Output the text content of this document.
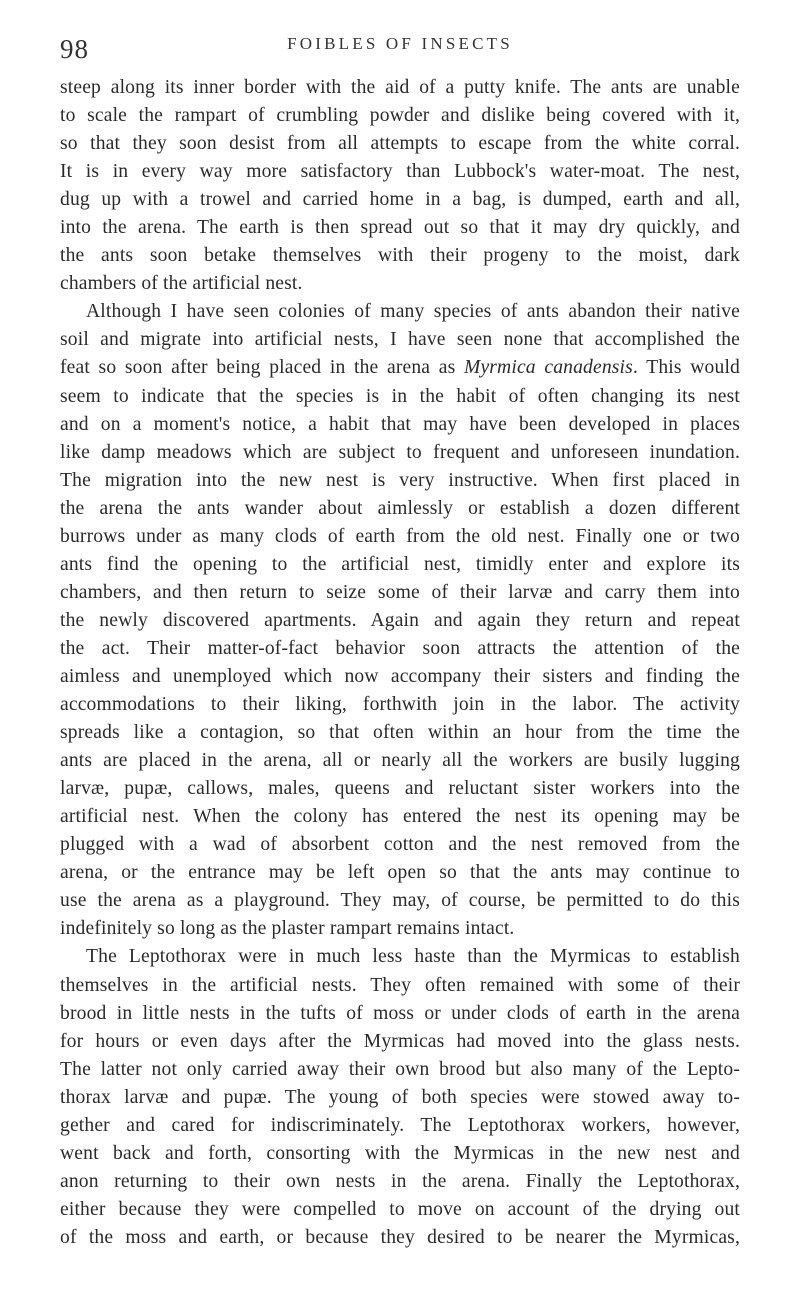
98	FOIBLES OF INSECTS
steep along its inner border with the aid of a putty knife. The ants are unable
to scale the rampart of crumbling powder and dislike being covered with it,
so that they soon desist from all attempts to escape from the white corral.
It is in every way more satisfactory than Lubbock's water-moat. The nest,
dug up with a trowel and carried home in a bag, is dumped, earth and all,
into the arena. The earth is then spread out so that it may dry quickly, and
the ants soon betake themselves with their progeny to the moist, dark
chambers of the artificial nest.
Although I have seen colonies of many species of ants abandon their native
soil and migrate into artificial nests, I have seen none that accomplished the
feat so soon after being placed in the arena as Myrmica canadensis. This would
seem to indicate that the species is in the habit of often changing its nest
and on a moment's notice, a habit that may have been developed in places
like damp meadows which are subject to frequent and unforeseen inundation.
The migration into the new nest is very instructive. When first placed in
the arena the ants wander about aimlessly or establish a dozen different
burrows under as many clods of earth from the old nest. Finally one or two
ants find the opening to the artificial nest, timidly enter and explore its
chambers, and then return to seize some of their larvæ and carry them into
the newly discovered apartments. Again and again they return and repeat
the act. Their matter-of-fact behavior soon attracts the attention of the
aimless and unemployed which now accompany their sisters and finding the
accommodations to their liking, forthwith join in the labor. The activity
spreads like a contagion, so that often within an hour from the time the
ants are placed in the arena, all or nearly all the workers are busily lugging
larvæ, pupæ, callows, males, queens and reluctant sister workers into the
artificial nest. When the colony has entered the nest its opening may be
plugged with a wad of absorbent cotton and the nest removed from the
arena, or the entrance may be left open so that the ants may continue to
use the arena as a playground. They may, of course, be permitted to do this
indefinitely so long as the plaster rampart remains intact.
The Leptothorax were in much less haste than the Myrmicas to establish
themselves in the artificial nests. They often remained with some of their
brood in little nests in the tufts of moss or under clods of earth in the arena
for hours or even days after the Myrmicas had moved into the glass nests.
The latter not only carried away their own brood but also many of the Lepto-
thorax larvæ and pupæ. The young of both species were stowed away to-
gether and cared for indiscriminately. The Leptothorax workers, however,
went back and forth, consorting with the Myrmicas in the new nest and
anon returning to their own nests in the arena. Finally the Leptothorax,
either because they were compelled to move on account of the drying out
of the moss and earth, or because they desired to be nearer the Myrmicas,
